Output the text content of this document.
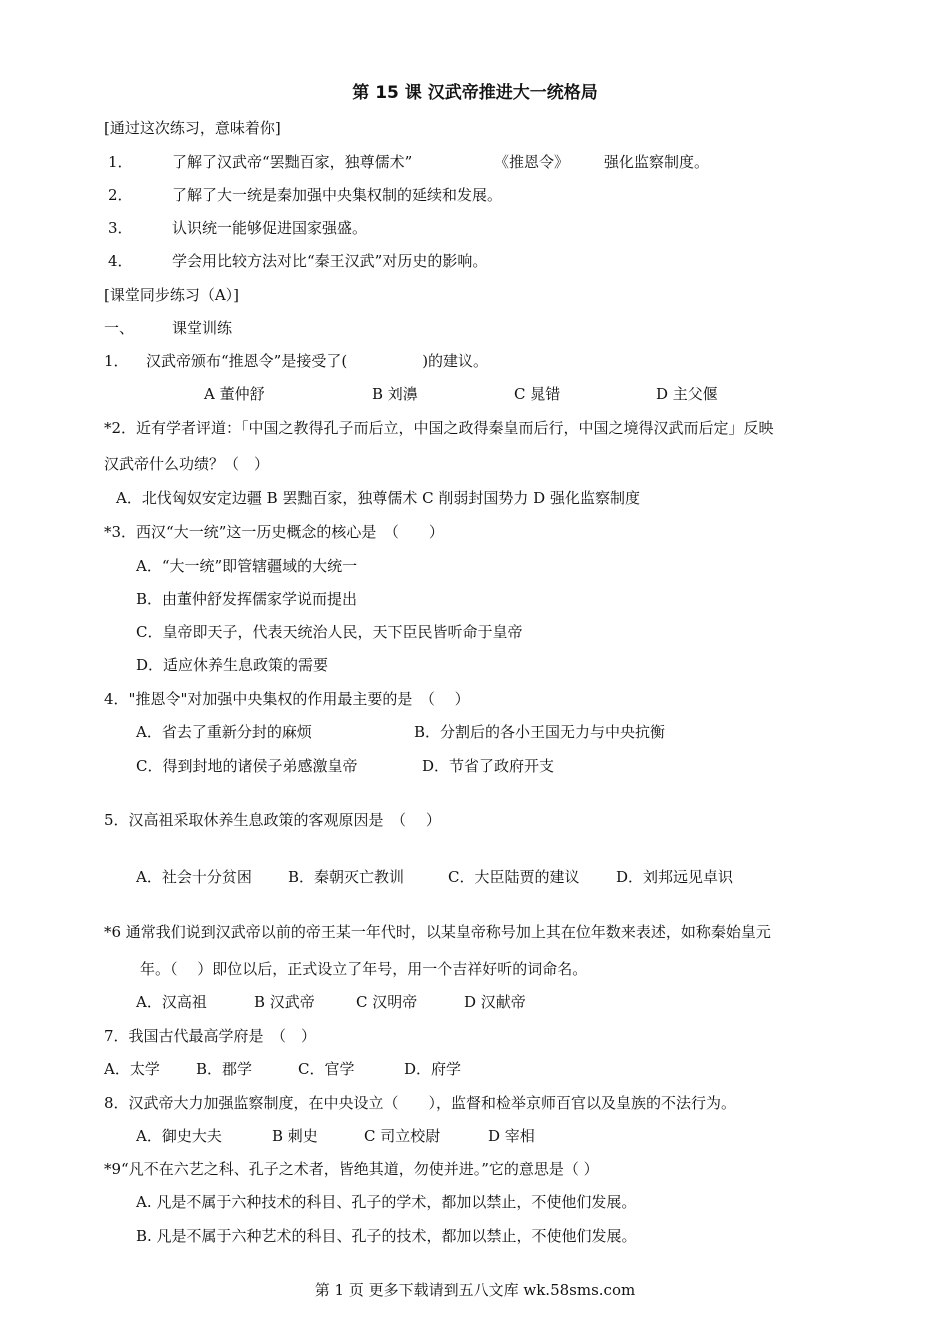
第 15 课 汉武帝推进大一统格局
[通过这次练习，意味着你]
1．	了解了汉武帝“罢黜百家，独尊儒术”	《推恩令》 强化监察制度。
2．	了解了大一统是秦加强中央集权制的延续和发展。
3．	认识统一能够促进国家强盛。
4．	学会用比较方法对比“秦王汉武”对历史的影响。
[课堂同步练习（A）]
一、	课堂训练
1． 汉武帝颁布“推恩令”是接受了(　　　　　)的建议。
A 董仲舒	B 刘濞	C 晁错	D 主父偃
*2．近有学者评道：「中国之教得孔子而后立，中国之政得秦皇而后行，中国之境得汉武而后定」反映
汉武帝什么功绩？（　）
A．北伐匈奴安定边疆 B 罢黜百家，独尊儒术 C 削弱封国势力 D 强化监察制度
*3．西汉“大一统”这一历史概念的核心是　（　　）
A．“大一统”即管辖疆域的大统一
B．由董仲舒发挥儒家学说而提出
C．皇帝即天子，代表天统治人民，天下臣民皆听命于皇帝
D．适应休养生息政策的需要
4．"推恩令"对加强中央集权的作用最主要的是　（　 ）
A．省去了重新分封的麻烦	B．分割后的各小王国无力与中央抗衡
C．得到封地的诸侯子弟感激皇帝	D．节省了政府开支
5．汉高祖采取休养生息政策的客观原因是　（　 ）
A．社会十分贫困 B．秦朝灭亡教训	C．大臣陆贾的建议 D．刘邦远见卓识
*6 通常我们说到汉武帝以前的帝王某一年代时，以某皇帝称号加上其在位年数来表述，如称秦始皇元
年。（　 ）即位以后，正式设立了年号，用一个吉祥好听的词命名。
A．汉高祖	B 汉武帝	C 汉明帝	D 汉献帝
7．我国古代最高学府是　（　）
A．太学 B．郡学	C．官学	D．府学
8．汉武帝大力加强监察制度，在中央设立（　　），监督和检举京师百官以及皇族的不法行为。
A．御史大夫	B 刺史	C 司立校尉	D 宰相
*9“凡不在六艺之科、孔子之术者，皆绝其道，勿使并进。”它的意思是（ ）
A. 凡是不属于六种技术的科目、孔子的学术，都加以禁止，不使他们发展。
B. 凡是不属于六种艺术的科目、孔子的技术，都加以禁止，不使他们发展。
第 1 页 更多下载请到五八文库 wk.58sms.com
